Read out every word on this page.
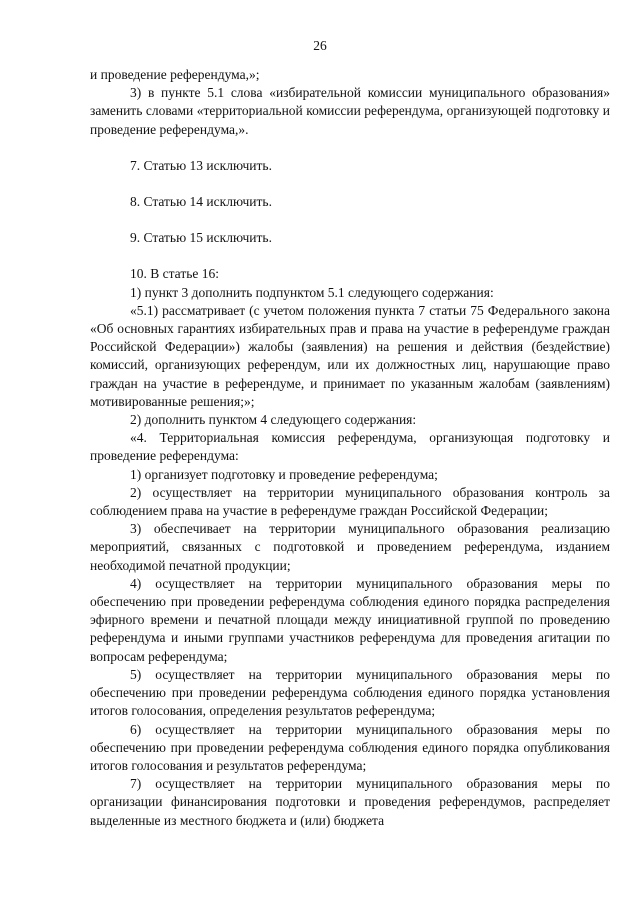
26

и проведение референдума,»;

3) в пункте 5.1 слова «избирательной комиссии муниципального образования» заменить словами «территориальной комиссии референдума, организующей подготовку и проведение референдума,».

7. Статью 13 исключить.

8. Статью 14 исключить.

9. Статью 15 исключить.

10. В статье 16:

1) пункт 3 дополнить подпунктом 5.1 следующего содержания:

«5.1) рассматривает (с учетом положения пункта 7 статьи 75 Федерального закона «Об основных гарантиях избирательных прав и права на участие в референдуме граждан Российской Федерации») жалобы (заявления) на решения и действия (бездействие) комиссий, организующих референдум, или их должностных лиц, нарушающие право граждан на участие в референдуме, и принимает по указанным жалобам (заявлениям) мотивированные решения;»;

2) дополнить пунктом 4 следующего содержания:

«4. Территориальная комиссия референдума, организующая подготовку и проведение референдума:

1) организует подготовку и проведение референдума;

2) осуществляет на территории муниципального образования контроль за соблюдением права на участие в референдуме граждан Российской Федерации;

3) обеспечивает на территории муниципального образования реализацию мероприятий, связанных с подготовкой и проведением референдума, изданием необходимой печатной продукции;

4) осуществляет на территории муниципального образования меры по обеспечению при проведении референдума соблюдения единого порядка распределения эфирного времени и печатной площади между инициативной группой по проведению референдума и иными группами участников референдума для проведения агитации по вопросам референдума;

5) осуществляет на территории муниципального образования меры по обеспечению при проведении референдума соблюдения единого порядка установления итогов голосования, определения результатов референдума;

6) осуществляет на территории муниципального образования меры по обеспечению при проведении референдума соблюдения единого порядка опубликования итогов голосования и результатов референдума;

7) осуществляет на территории муниципального образования меры по организации финансирования подготовки и проведения референдумов, распределяет выделенные из местного бюджета и (или) бюджета
